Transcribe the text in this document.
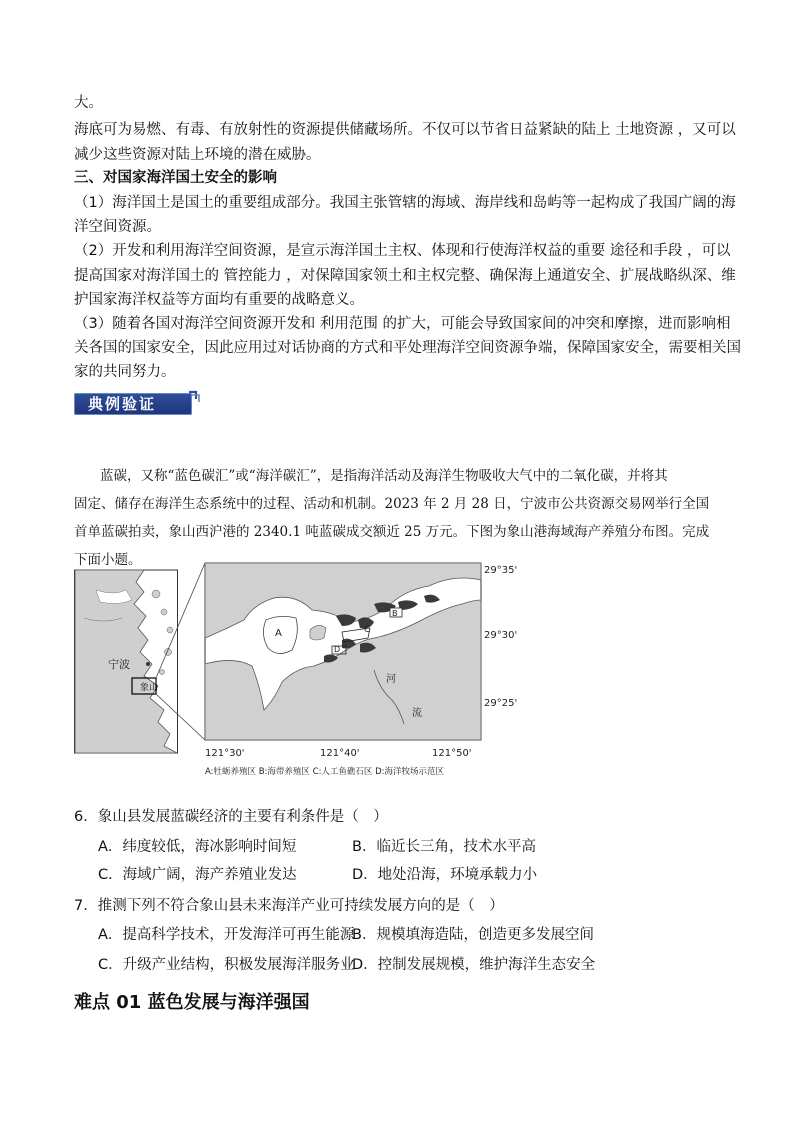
大。
海底可为易燃、有毒、有放射性的资源提供储藏场所。不仅可以节省日益紧缺的陆上 土地资源 ，又可以
减少这些资源对陆上环境的潜在威胁。
三、对国家海洋国土安全的影响
（1）海洋国土是国土的重要组成部分。我国主张管辖的海域、海岸线和岛屿等一起构成了我国广阔的海
洋空间资源。
（2）开发和利用海洋空间资源，是宣示海洋国土主权、体现和行使海洋权益的重要 途径和手段 ，可以
提高国家对海洋国土的 管控能力 ，对保障国家领土和主权完整、确保海上通道安全、扩展战略纵深、维
护国家海洋权益等方面均有重要的战略意义。
（3）随着各国对海洋空间资源开发和 利用范围 的扩大，可能会导致国家间的冲突和摩擦，进而影响相
关各国的国家安全，因此应用过对话协商的方式和平处理海洋空间资源争端，保障国家安全，需要相关国
家的共同努力。
典例验证
蓝碳，又称“蓝色碳汇”或“海洋碳汇”，是指海洋活动及海洋生物吸收大气中的二氧化碳，并将其
固定、储存在海洋生态系统中的过程、活动和机制。2023 年 2 月 28 日，宁波市公共资源交易网举行全国
首单蓝碳拍卖，象山西沪港的 2340.1 吨蓝碳成交额近 25 万元。下图为象山港海域海产养殖分布图。完成
下面小题。
宁波
象山
A
B
C
D
河
流
29°35'
29°30'
29°25'
121°30'	121°40'	121°50'
A:牡蛎养殖区 B:海带养殖区 C:人工鱼礁石区 D:海洋牧场示范区
6．象山县发展蓝碳经济的主要有利条件是（　）
A．纬度较低，海冰影响时间短	B．临近长三角，技术水平高
C．海域广阔，海产养殖业发达	D．地处沿海，环境承载力小
7．推测下列不符合象山县未来海洋产业可持续发展方向的是（　）
A．提高科学技术，开发海洋可再生能源
B．规模填海造陆，创造更多发展空间
C．升级产业结构，积极发展海洋服务业
D．控制发展规模，维护海洋生态安全
难点 01 蓝色发展与海洋强国
